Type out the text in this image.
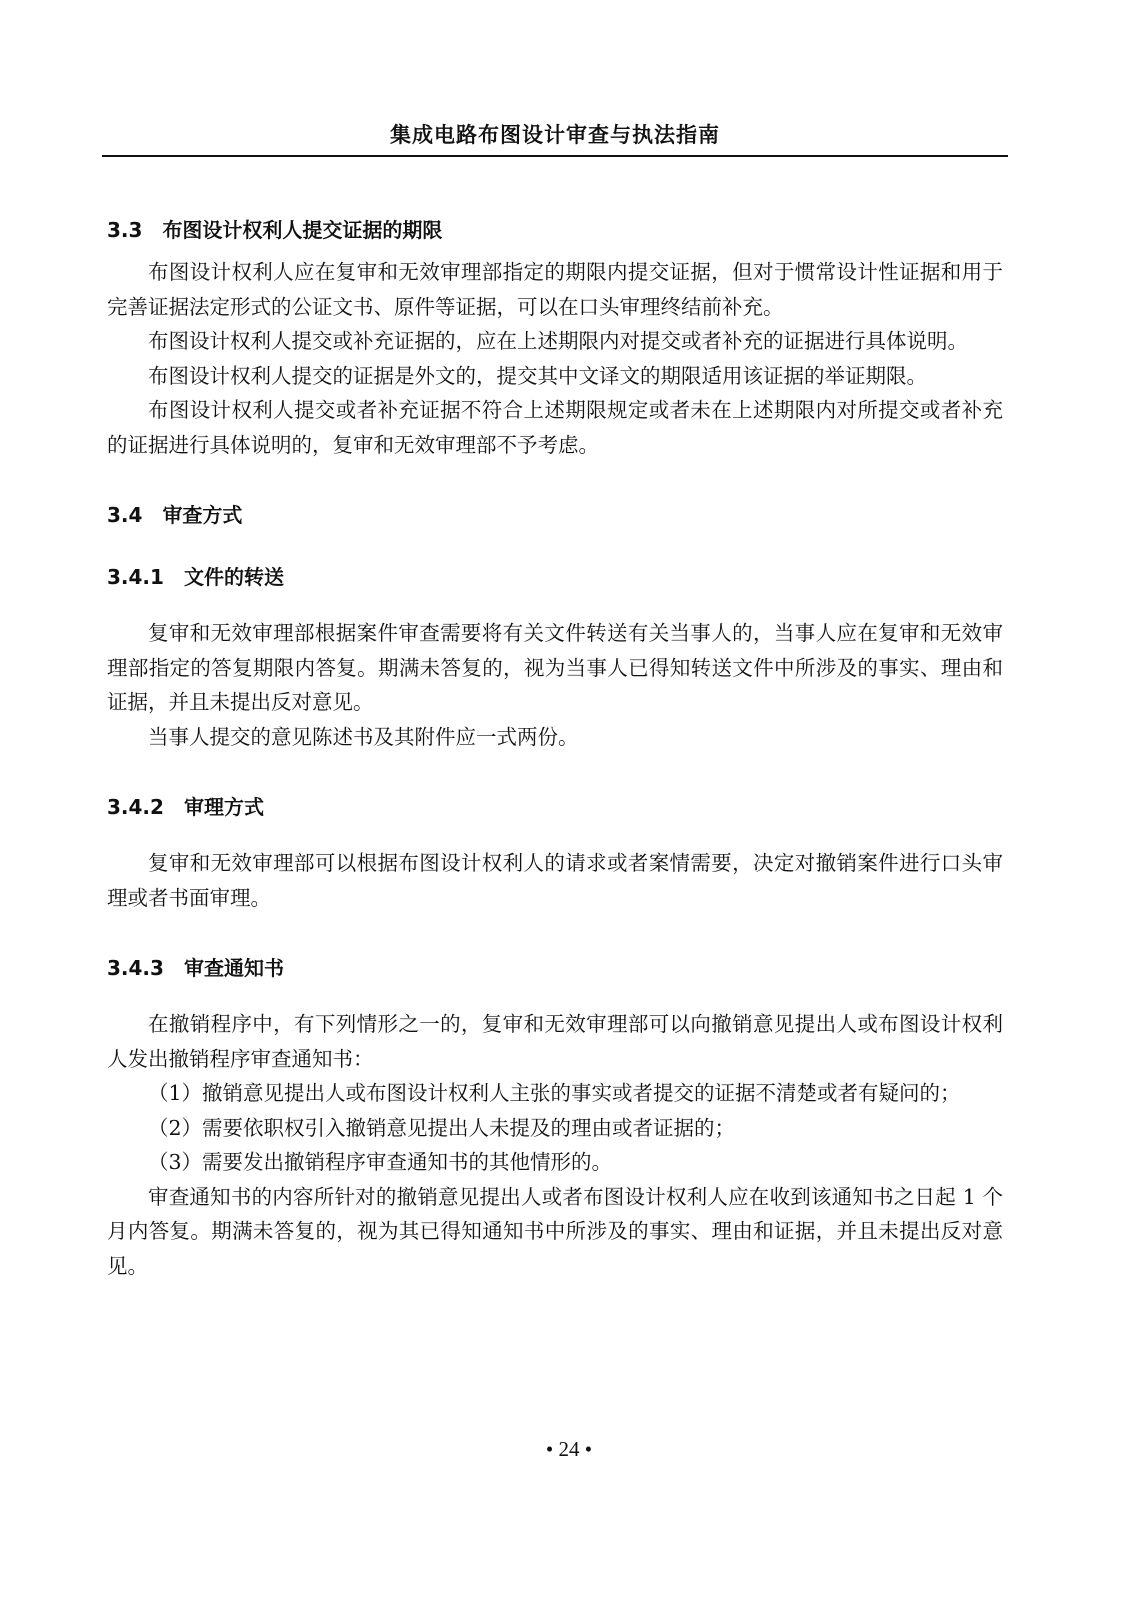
集成电路布图设计审查与执法指南
3.3 布图设计权利人提交证据的期限

布图设计权利人应在复审和无效审理部指定的期限内提交证据，但对于惯常设计性证据和用于完善证据法定形式的公证文书、原件等证据，可以在口头审理终结前补充。

布图设计权利人提交或补充证据的，应在上述期限内对提交或者补充的证据进行具体说明。

布图设计权利人提交的证据是外文的，提交其中文译文的期限适用该证据的举证期限。

布图设计权利人提交或者补充证据不符合上述期限规定或者未在上述期限内对所提交或者补充的证据进行具体说明的，复审和无效审理部不予考虑。

3.4 审查方式
3.4.1 文件的转送

复审和无效审理部根据案件审查需要将有关文件转送有关当事人的，当事人应在复审和无效审理部指定的答复期限内答复。期满未答复的，视为当事人已得知转送文件中所涉及的事实、理由和证据，并且未提出反对意见。

当事人提交的意见陈述书及其附件应一式两份。

3.4.2 审理方式

复审和无效审理部可以根据布图设计权利人的请求或者案情需要，决定对撤销案件进行口头审理或者书面审理。

3.4.3 审查通知书

在撤销程序中，有下列情形之一的，复审和无效审理部可以向撤销意见提出人或布图设计权利人发出撤销程序审查通知书：

（1）撤销意见提出人或布图设计权利人主张的事实或者提交的证据不清楚或者有疑问的；

（2）需要依职权引入撤销意见提出人未提及的理由或者证据的；

（3）需要发出撤销程序审查通知书的其他情形的。

审查通知书的内容所针对的撤销意见提出人或者布图设计权利人应在收到该通知书之日起 1 个月内答复。期满未答复的，视为其已得知通知书中所涉及的事实、理由和证据，并且未提出反对意见。

• 24 •
